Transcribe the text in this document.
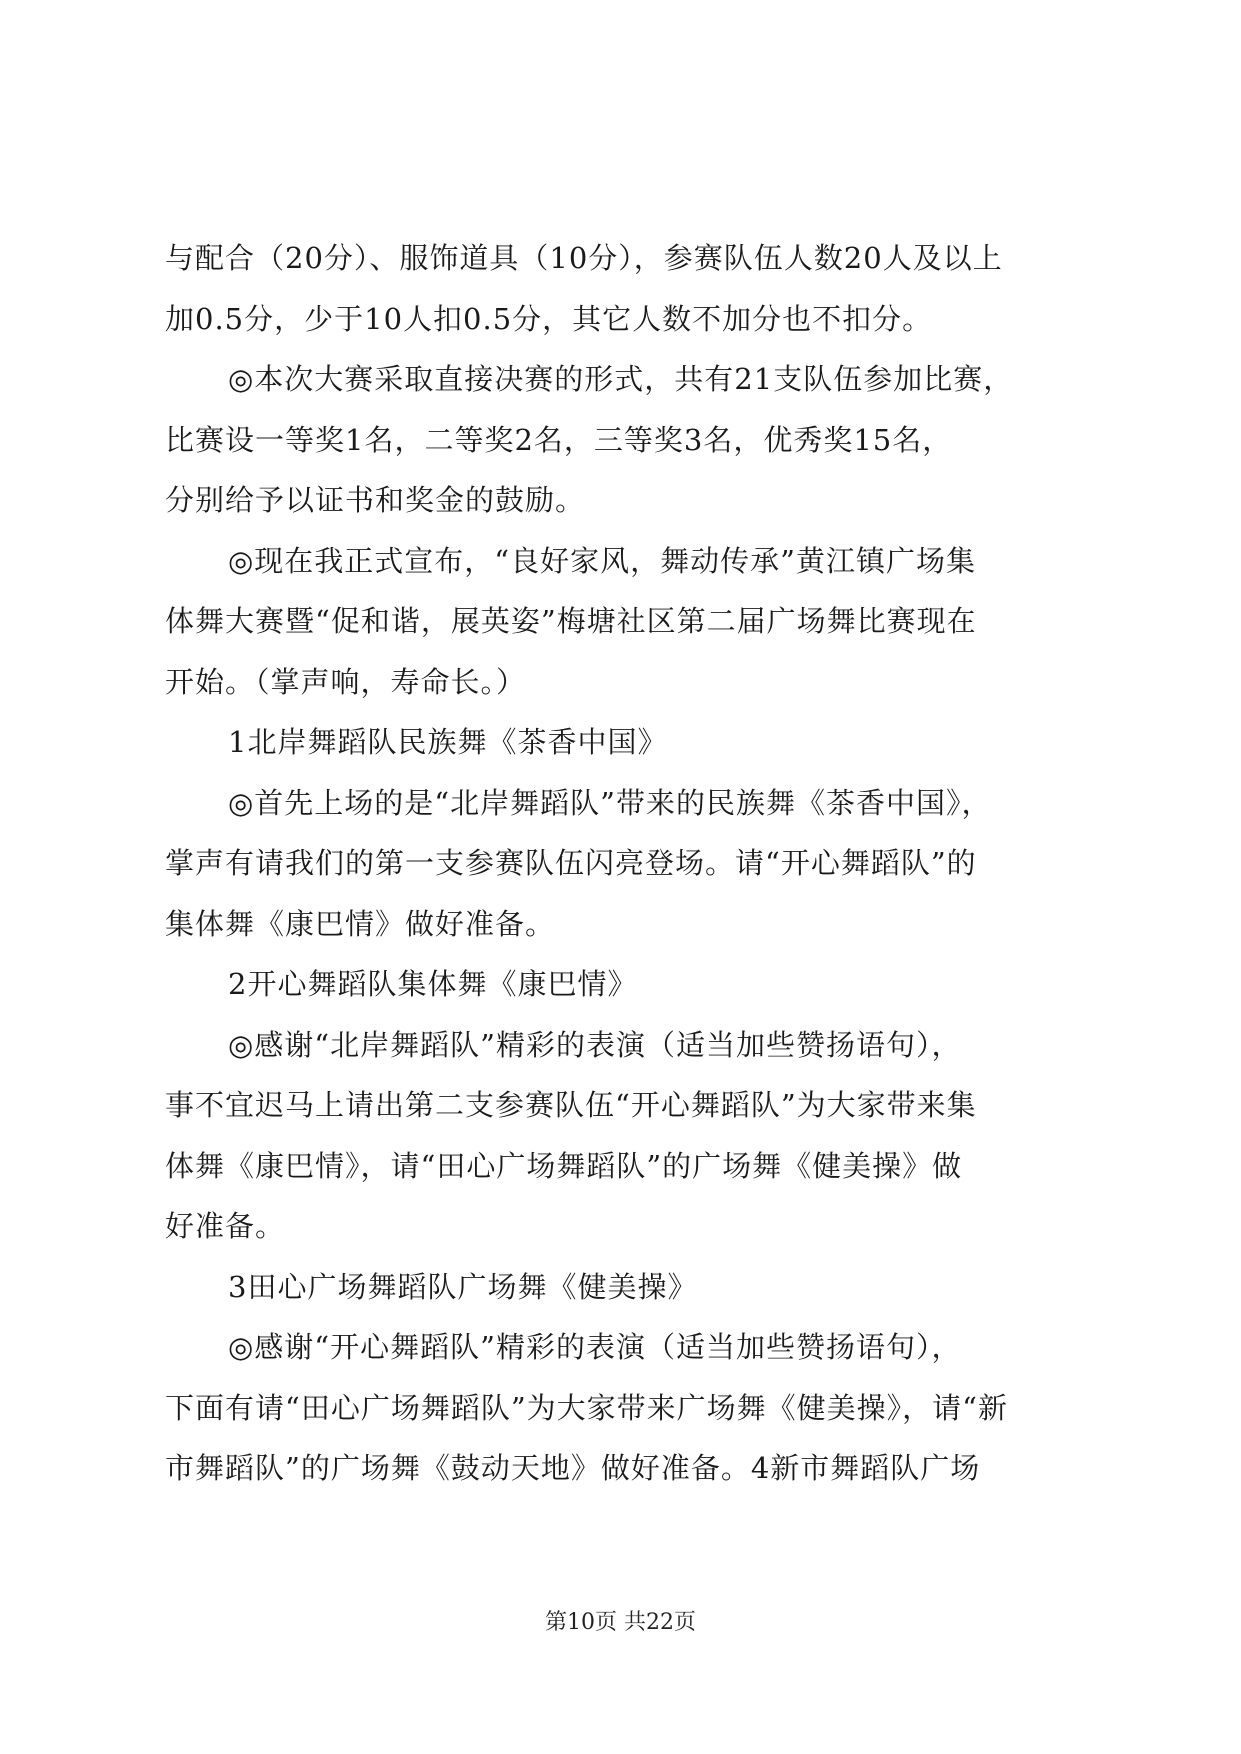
与配合（20分）、服饰道具（10分），参赛队伍人数20人及以上
加0.5分，少于10人扣0.5分，其它人数不加分也不扣分。
◎本次大赛采取直接决赛的形式，共有21支队伍参加比赛，
比赛设一等奖1名，二等奖2名，三等奖3名，优秀奖15名，
分别给予以证书和奖金的鼓励。
◎现在我正式宣布，“良好家风，舞动传承”黄江镇广场集
体舞大赛暨“促和谐，展英姿”梅塘社区第二届广场舞比赛现在
开始。（掌声响，寿命长。）
1北岸舞蹈队民族舞《茶香中国》
◎首先上场的是“北岸舞蹈队”带来的民族舞《茶香中国》，
掌声有请我们的第一支参赛队伍闪亮登场。请“开心舞蹈队”的
集体舞《康巴情》做好准备。
2开心舞蹈队集体舞《康巴情》
◎感谢“北岸舞蹈队”精彩的表演（适当加些赞扬语句），
事不宜迟马上请出第二支参赛队伍“开心舞蹈队”为大家带来集
体舞《康巴情》，请“田心广场舞蹈队”的广场舞《健美操》做
好准备。
3田心广场舞蹈队广场舞《健美操》
◎感谢“开心舞蹈队”精彩的表演（适当加些赞扬语句），
下面有请“田心广场舞蹈队”为大家带来广场舞《健美操》，请“新
市舞蹈队”的广场舞《鼓动天地》做好准备。4新市舞蹈队广场
第10页 共22页
